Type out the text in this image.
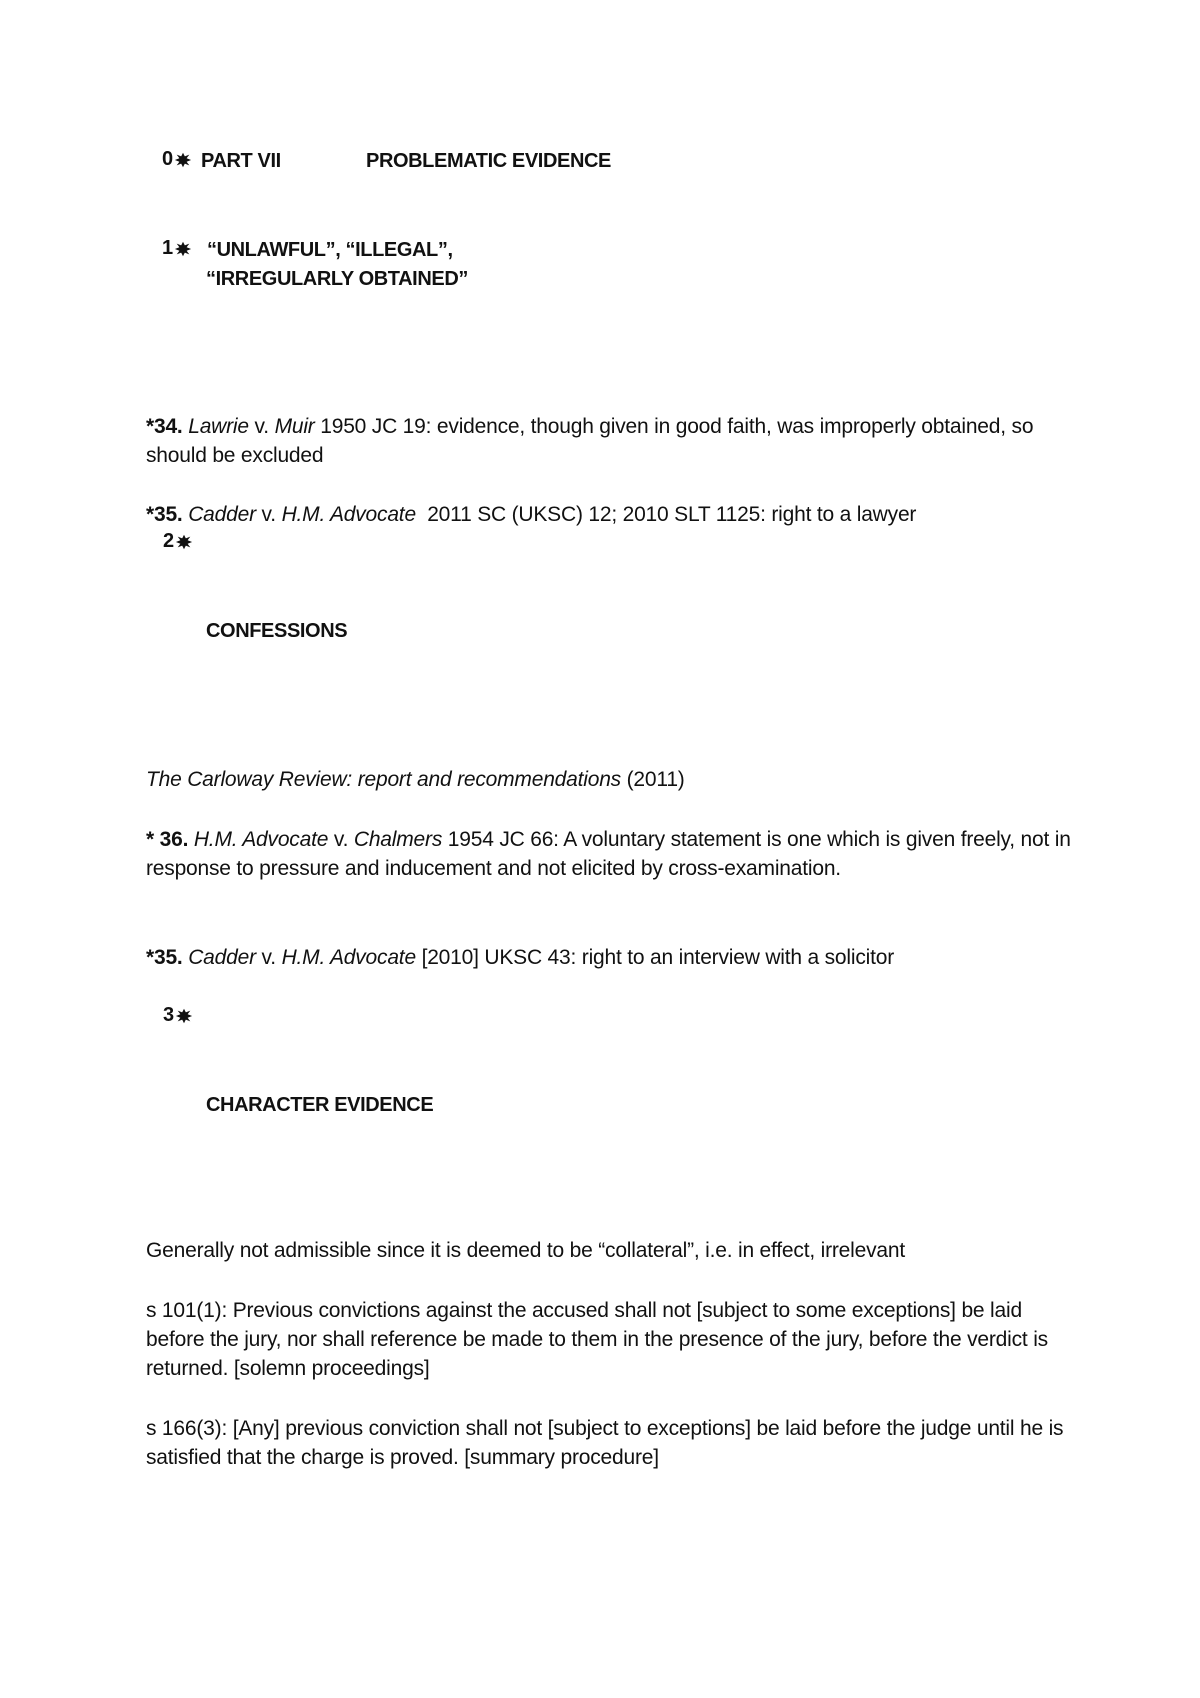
0 PART VII	PROBLEMATIC EVIDENCE
1 “UNLAWFUL”, “ILLEGAL”,
“IRREGULARLY OBTAINED”

*34. Lawrie v. Muir 1950 JC 19: evidence, though given in good faith, was improperly obtained, so should be excluded

*35. Cadder v. H.M. Advocate 2011 SC (UKSC) 12; 2010 SLT 1125: right to a lawyer

2
CONFESSIONS

The Carloway Review: report and recommendations (2011)

* 36. H.M. Advocate v. Chalmers 1954 JC 66: A voluntary statement is one which is given freely, not in response to pressure and inducement and not elicited by cross-examination.

*35. Cadder v. H.M. Advocate [2010] UKSC 43: right to an interview with a solicitor

3
CHARACTER EVIDENCE

Generally not admissible since it is deemed to be “collateral”, i.e. in effect, irrelevant

s 101(1): Previous convictions against the accused shall not [subject to some exceptions] be laid before the jury, nor shall reference be made to them in the presence of the jury, before the verdict is returned. [solemn proceedings]

s 166(3): [Any] previous conviction shall not [subject to exceptions] be laid before the judge until he is satisfied that the charge is proved. [summary procedure]
